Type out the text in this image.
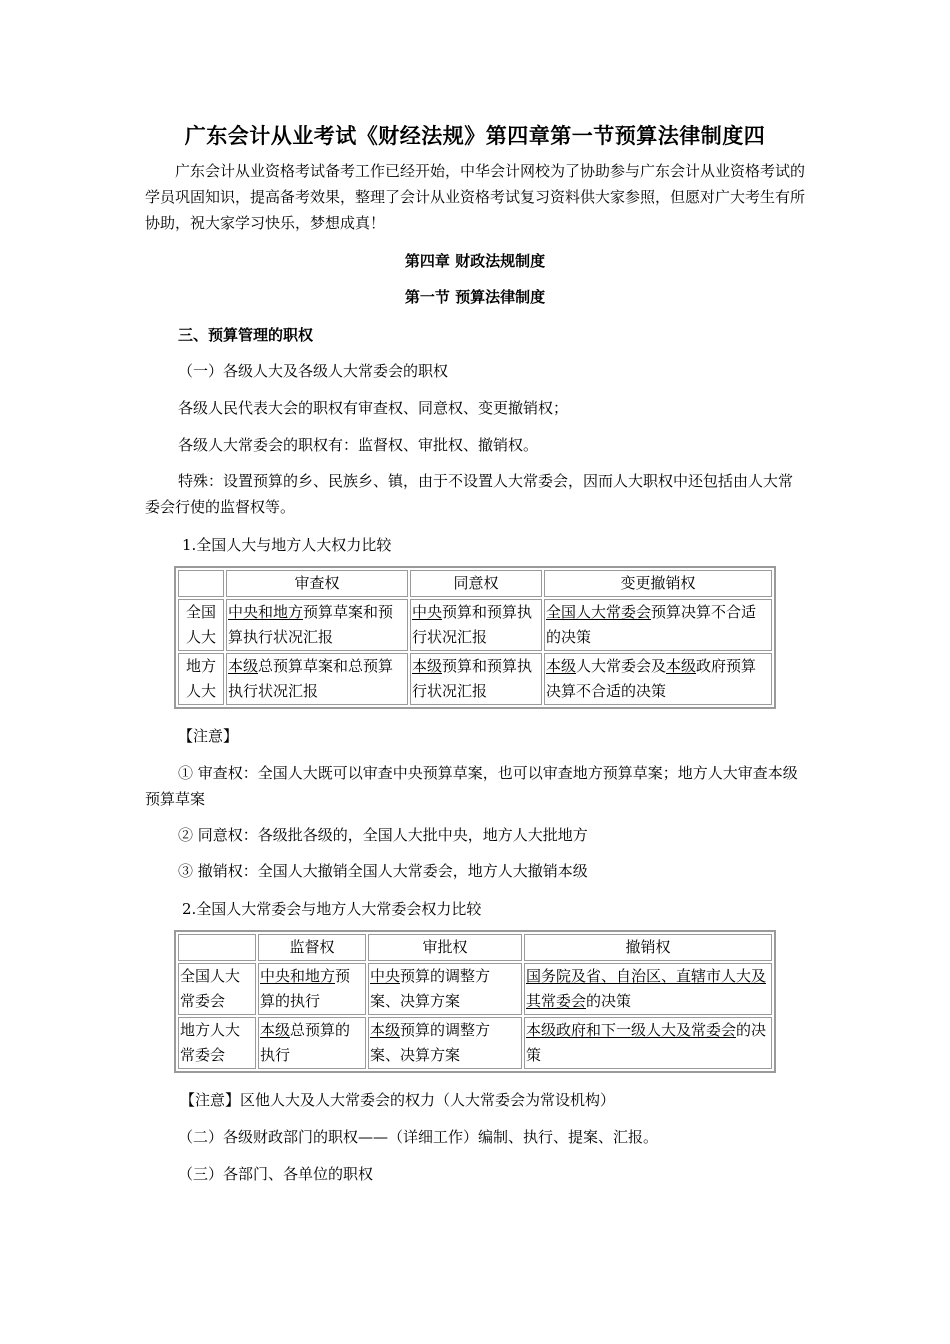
广东会计从业考试《财经法规》第四章第一节预算法律制度四
广东会计从业资格考试备考工作已经开始，中华会计网校为了协助参与广东会计从业资格考试的学员巩固知识，提高备考效果，整理了会计从业资格考试复习资料供大家参照，但愿对广大考生有所协助，祝大家学习快乐，梦想成真！
第四章 财政法规制度
第一节 预算法律制度
三、预算管理的职权
（一）各级人大及各级人大常委会的职权
各级人民代表大会的职权有审查权、同意权、变更撤销权；
各级人大常委会的职权有：监督权、审批权、撤销权。
特殊：设置预算的乡、民族乡、镇，由于不设置人大常委会，因而人大职权中还包括由人大常委会行使的监督权等。
1.全国人大与地方人大权力比较
	审查权	同意权	变更撤销权
全国人大	中央和地方预算草案和预算执行状况汇报	中央预算和预算执行状况汇报	全国人大常委会预算决算不合适的决策
地方人大	本级总预算草案和总预算执行状况汇报	本级预算和预算执行状况汇报	本级人大常委会及本级政府预算决算不合适的决策
【注意】
① 审查权：全国人大既可以审查中央预算草案，也可以审查地方预算草案；地方人大审查本级预算草案
② 同意权：各级批各级的，全国人大批中央，地方人大批地方
③ 撤销权：全国人大撤销全国人大常委会，地方人大撤销本级
2.全国人大常委会与地方人大常委会权力比较
	监督权	审批权	撤销权
全国人大常委会	中央和地方预算的执行	中央预算的调整方案、决算方案	国务院及省、自治区、直辖市人大及其常委会的决策
地方人大常委会	本级总预算的执行	本级预算的调整方案、决算方案	本级政府和下一级人大及常委会的决策
【注意】区他人大及人大常委会的权力（人大常委会为常设机构）
（二）各级财政部门的职权——（详细工作）编制、执行、提案、汇报。
（三）各部门、各单位的职权
